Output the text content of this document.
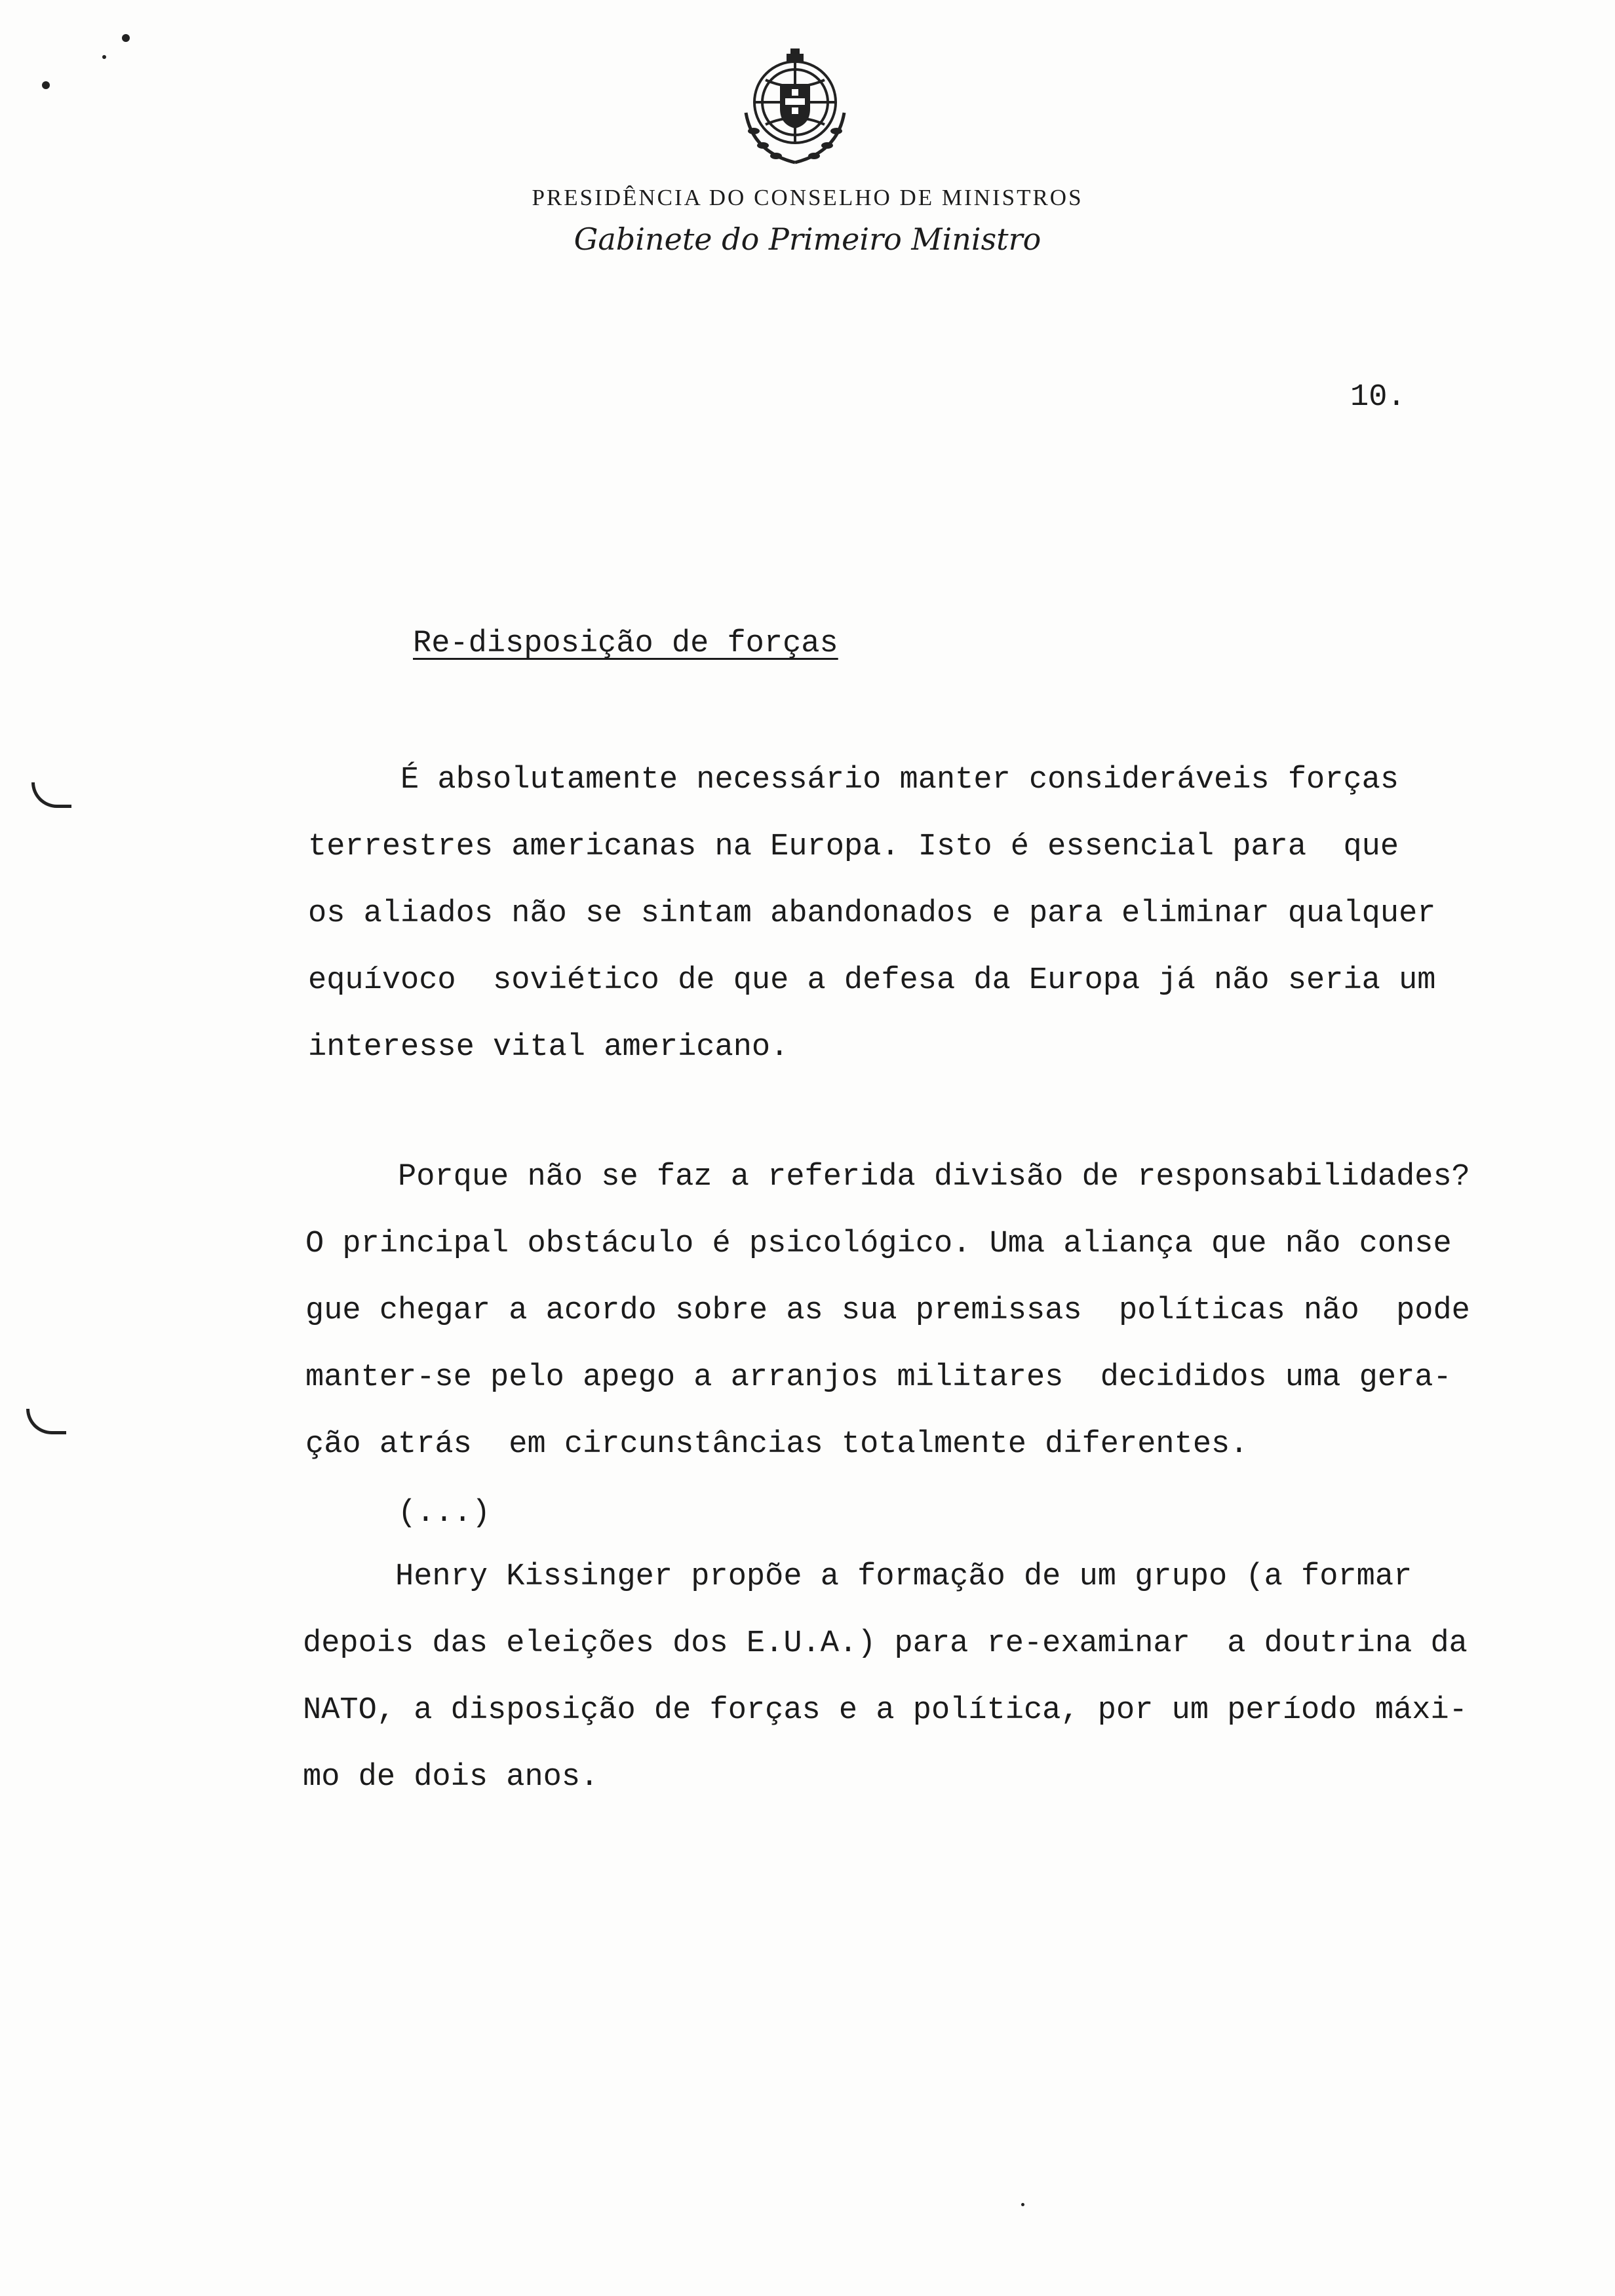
PRESIDÊNCIA DO CONSELHO DE MINISTROS
Gabinete do Primeiro Ministro
10.
Re-disposição de forças
É absolutamente necessário manter consideráveis forças
terrestres americanas na Europa. Isto é essencial para  que
os aliados não se sintam abandonados e para eliminar qualquer
equívoco  soviético de que a defesa da Europa já não seria um
interesse vital americano.
Porque não se faz a referida divisão de responsabilidades?
O principal obstáculo é psicológico. Uma aliança que não conse
gue chegar a acordo sobre as sua premissas  políticas não  pode
manter-se pelo apego a arranjos militares  decididos uma gera-
ção atrás  em circunstâncias totalmente diferentes.
(...)
Henry Kissinger propõe a formação de um grupo (a formar
depois das eleições dos E.U.A.) para re-examinar  a doutrina da
NATO, a disposição de forças e a política, por um período máxi-
mo de dois anos.
